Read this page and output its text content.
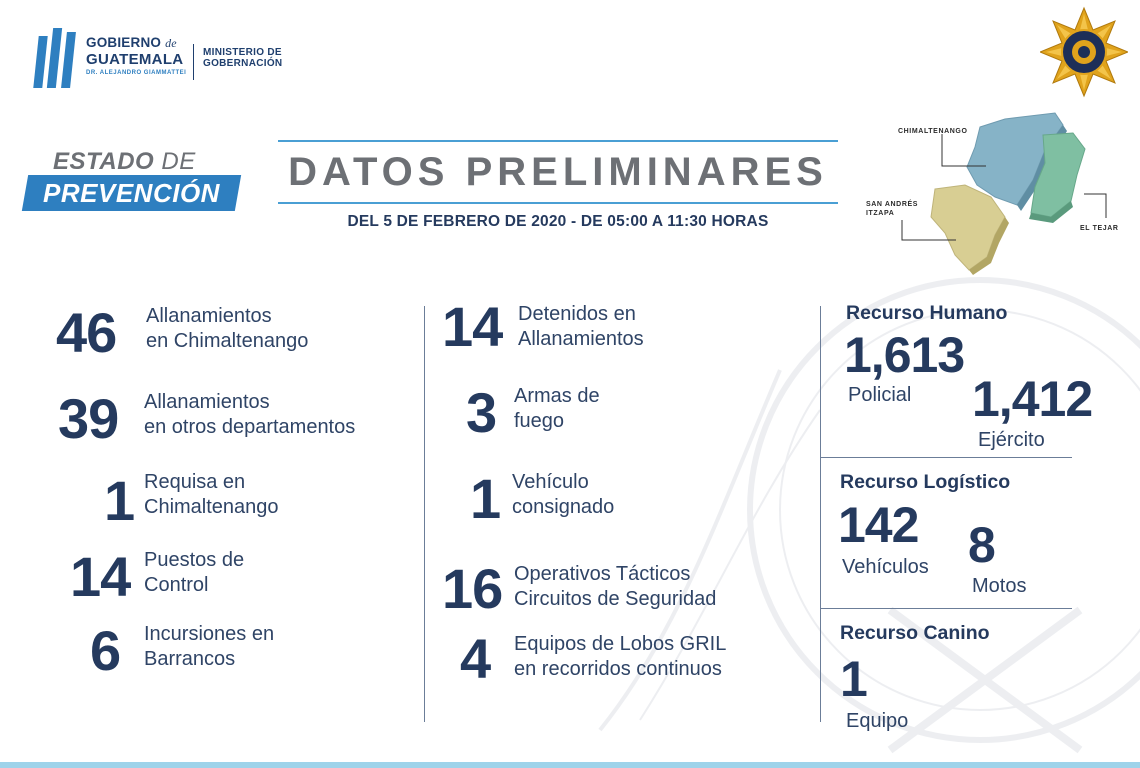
GOBIERNO de
GUATEMALA
DR. ALEJANDRO GIAMMATTEI
MINISTERIO DE
GOBERNACIÓN
ESTADO DE
PREVENCIÓN	DATOS PRELIMINARES
DEL 5 DE FEBRERO DE 2020 - DE 05:00 A 11:30 HORAS
CHIMALTENANGO
SAN ANDRÉS
ITZAPA
EL TEJAR
46 Allanamientos
en Chimaltenango
39 Allanamientos
en otros departamentos
1 Requisa en
Chimaltenango
14 Puestos de
Control
6 Incursiones en
Barrancos
14 Detenidos en
Allanamientos
3 Armas de
fuego
1 Vehículo
consignado
16 Operativos Tácticos
Circuitos de Seguridad
4 Equipos de Lobos GRIL
en recorridos continuos
Recurso Humano
1,613
Policial 1,412
Ejército
Recurso Logístico
142
Vehículos 8
Motos
Recurso Canino
1
Equipo
